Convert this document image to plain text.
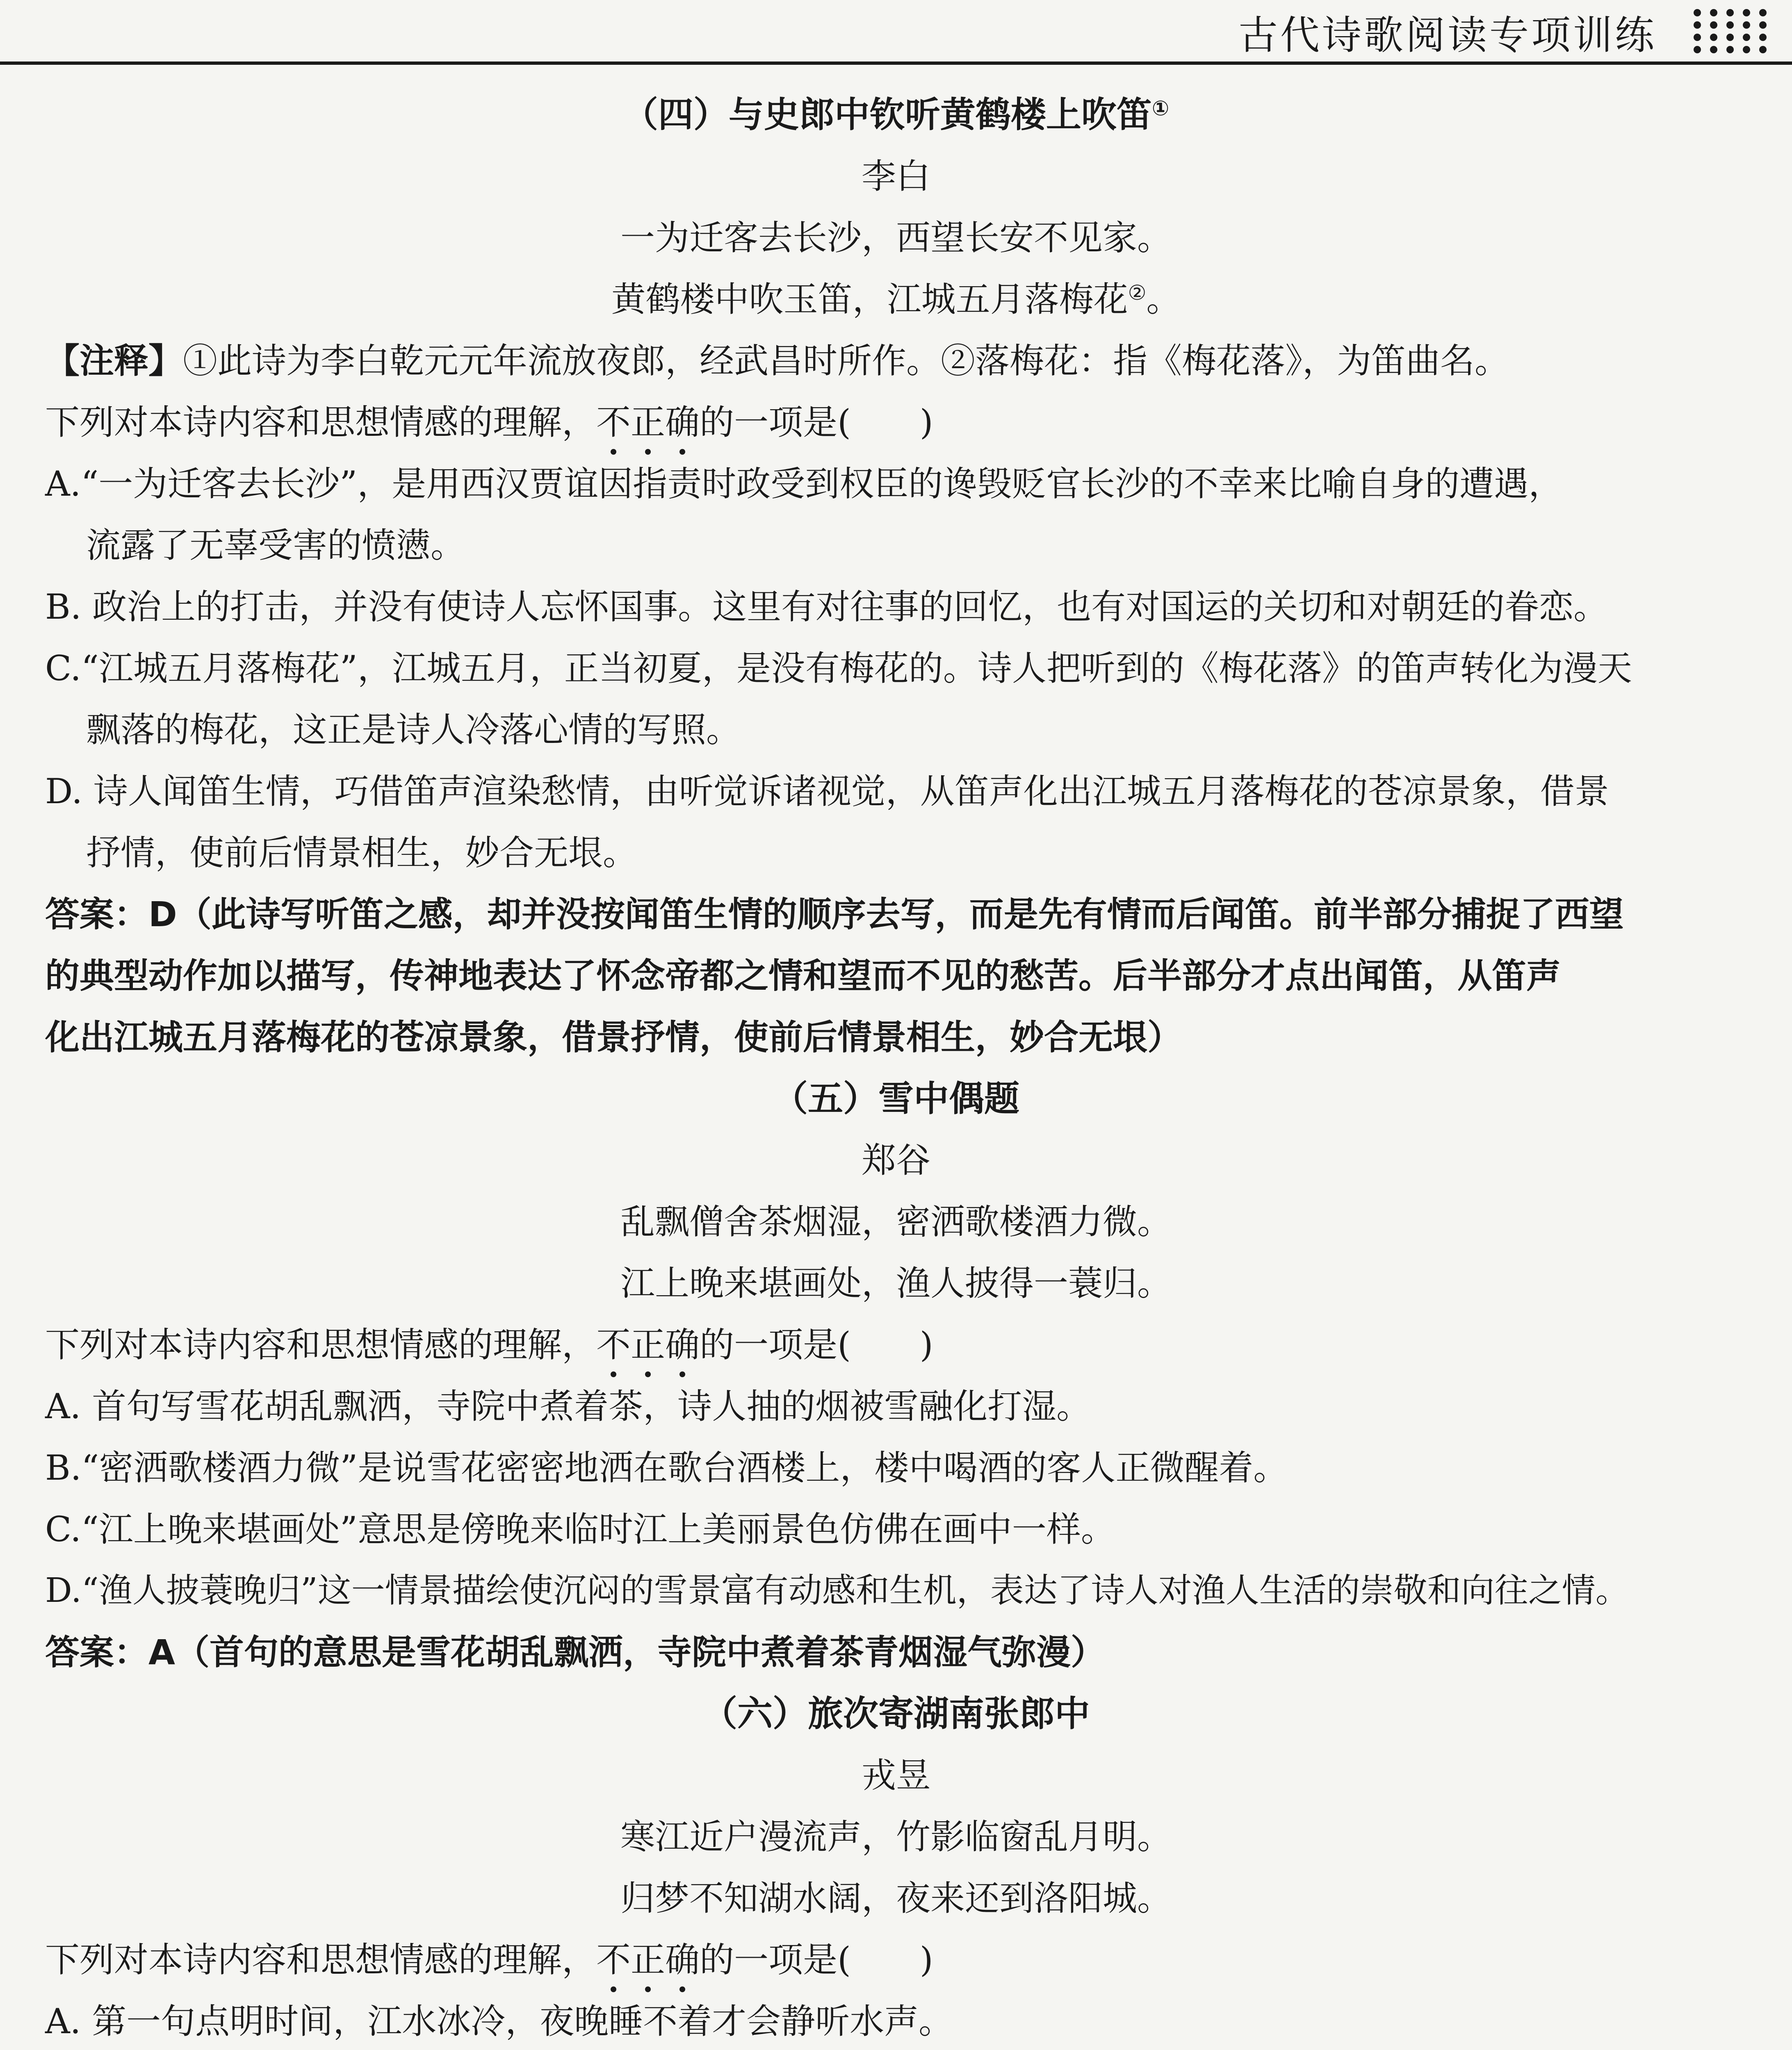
古代诗歌阅读专项训练
（四）与史郎中钦听黄鹤楼上吹笛①
李白
一为迁客去长沙，西望长安不见家。
黄鹤楼中吹玉笛，江城五月落梅花②。
【注释】①此诗为李白乾元元年流放夜郎，经武昌时所作。②落梅花：指《梅花落》，为笛曲名。
下列对本诗内容和思想情感的理解，不正确的一项是(　　)
A.“一为迁客去长沙”，是用西汉贾谊因指责时政受到权臣的谗毁贬官长沙的不幸来比喻自身的遭遇，
流露了无辜受害的愤懑。
B. 政治上的打击，并没有使诗人忘怀国事。这里有对往事的回忆，也有对国运的关切和对朝廷的眷恋。
C.“江城五月落梅花”，江城五月，正当初夏，是没有梅花的。诗人把听到的《梅花落》的笛声转化为漫天
飘落的梅花，这正是诗人冷落心情的写照。
D. 诗人闻笛生情，巧借笛声渲染愁情，由听觉诉诸视觉，从笛声化出江城五月落梅花的苍凉景象，借景
抒情，使前后情景相生，妙合无垠。
答案：D（此诗写听笛之感，却并没按闻笛生情的顺序去写，而是先有情而后闻笛。前半部分捕捉了西望
的典型动作加以描写，传神地表达了怀念帝都之情和望而不见的愁苦。后半部分才点出闻笛，从笛声
化出江城五月落梅花的苍凉景象，借景抒情，使前后情景相生，妙合无垠）
（五）雪中偶题
郑谷
乱飘僧舍茶烟湿，密洒歌楼酒力微。
江上晚来堪画处，渔人披得一蓑归。
下列对本诗内容和思想情感的理解，不正确的一项是(　　)
A. 首句写雪花胡乱飘洒，寺院中煮着茶，诗人抽的烟被雪融化打湿。
B.“密洒歌楼酒力微”是说雪花密密地洒在歌台酒楼上，楼中喝酒的客人正微醒着。
C.“江上晚来堪画处”意思是傍晚来临时江上美丽景色仿佛在画中一样。
D.“渔人披蓑晚归”这一情景描绘使沉闷的雪景富有动感和生机，表达了诗人对渔人生活的崇敬和向往之情。
答案：A（首句的意思是雪花胡乱飘洒，寺院中煮着茶青烟湿气弥漫）
（六）旅次寄湖南张郎中
戎昱
寒江近户漫流声，竹影临窗乱月明。
归梦不知湖水阔，夜来还到洛阳城。
下列对本诗内容和思想情感的理解，不正确的一项是(　　)
A. 第一句点明时间，江水冰冷，夜晚睡不着才会静听水声。
